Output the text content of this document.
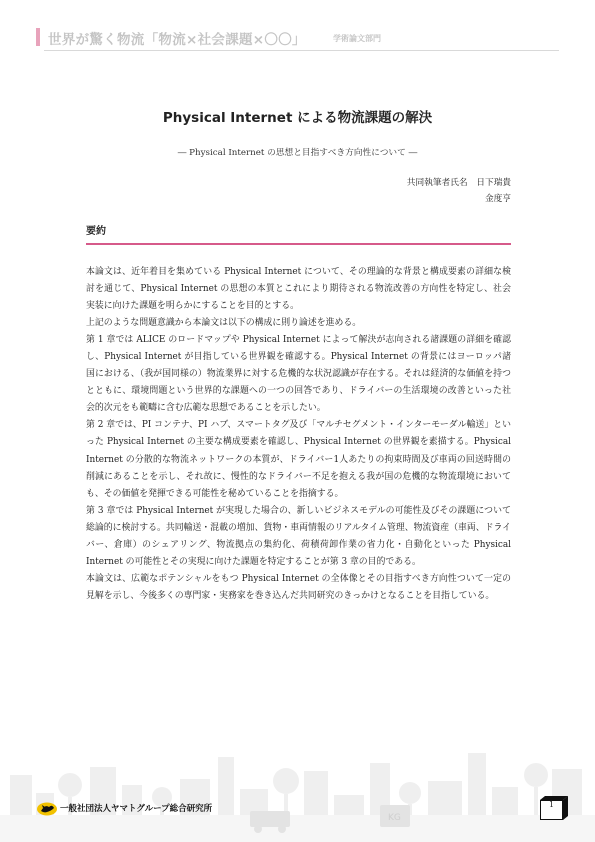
世界が驚く物流「物流×社会課題×〇〇」	学術論文部門
Physical Internet による物流課題の解決
― Physical Internet の思想と目指すべき方向性について ―
共同執筆者氏名　日下瑞貴
金度亨
要約

本論文は、近年着目を集めている Physical Internet について、その理論的な背景と構成要素の詳細な検討を通じて、Physical Internet の思想の本質とこれにより期待される物流改善の方向性を特定し、社会実装に向けた課題を明らかにすることを目的とする。

上記のような問題意識から本論文は以下の構成に則り論述を進める。

第 1 章では ALICE のロードマップや Physical Internet によって解決が志向される諸課題の詳細を確認し、Physical Internet が目指している世界観を確認する。Physical Internet の背景にはヨーロッパ諸国における、（我が国同様の）物流業界に対する危機的な状況認識が存在する。それは経済的な価値を持つとともに、環境問題という世界的な課題への一つの回答であり、ドライバーの生活環境の改善といった社会的次元をも範疇に含む広範な思想であることを示したい。

第 2 章では、PI コンテナ、PI ハブ、スマートタグ及び「マルチセグメント・インターモーダル輸送」といった Physical Internet の主要な構成要素を確認し、Physical Internet の世界観を素描する。Physical Internet の分散的な物流ネットワークの本質が、ドライバー1人あたりの拘束時間及び車両の回送時間の削減にあることを示し、それ故に、慢性的なドライバー不足を抱える我が国の危機的な物流環境においても、その価値を発揮できる可能性を秘めていることを指摘する。

第 3 章では Physical Internet が実現した場合の、新しいビジネスモデルの可能性及びその課題について総論的に検討する。共同輸送・混載の増加、貨物・車両情報のリアルタイム管理、物流資産（車両、ドライバー、倉庫）のシェアリング、物流拠点の集約化、荷積荷卸作業の省力化・自動化といった Physical Internet の可能性とその実現に向けた課題を特定することが第 3 章の目的である。

本論文は、広範なポテンシャルをもつ Physical Internet の全体像とその目指すべき方向性ついて一定の見解を示し、今後多くの専門家・実務家を巻き込んだ共同研究のきっかけとなることを目指している。

KG
一般社団法人ヤマトグループ総合研究所	1
